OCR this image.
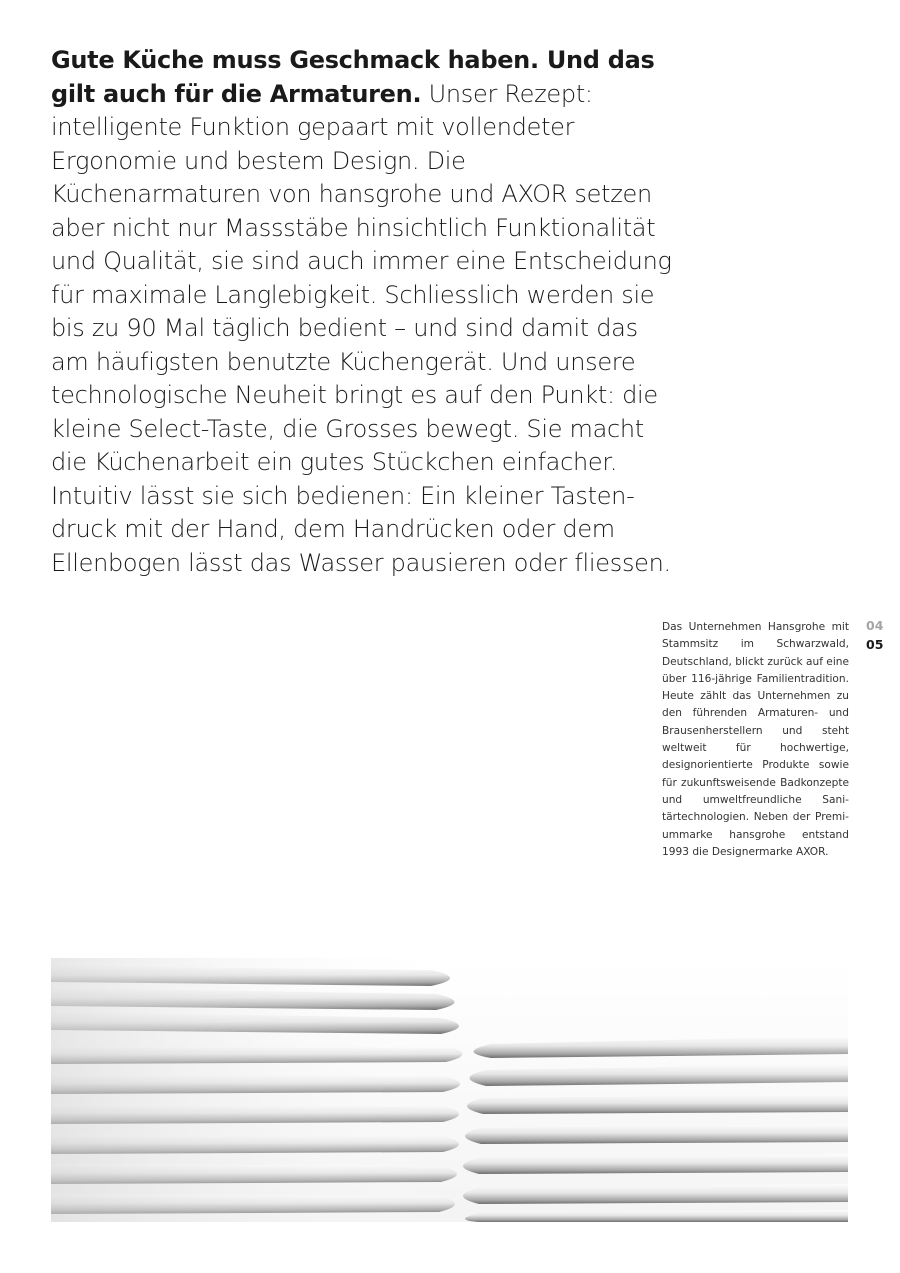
Gute Küche muss Geschmack haben. Und das gilt auch für die Armaturen. Unser Rezept: intelligente Funktion gepaart mit vollendeter Ergonomie und bestem Design. Die Küchenarmaturen von hansgrohe und AXOR setzen aber nicht nur Massstäbe hinsichtlich Funktionalität und Qualität, sie sind auch immer eine Entscheidung für maximale Langlebigkeit. Schliesslich werden sie bis zu 90 Mal täglich bedient – und sind damit das am häufigsten benutzte Küchengerät. Und unsere technologische Neuheit bringt es auf den Punkt: die kleine Select-Taste, die Grosses bewegt. Sie macht die Küchenarbeit ein gutes Stückchen einfacher. Intuitiv lässt sie sich bedienen: Ein kleiner Tastendruck mit der Hand, dem Handrücken oder dem Ellenbogen lässt das Wasser pausieren oder fliessen.

Das Unternehmen Hansgrohe mit Stammsitz im Schwarzwald, Deutschland, blickt zurück auf eine über 116-jährige Familientradition. Heute zählt das Unternehmen zu den führenden Armaturen- und Brausenherstellern und steht weltweit für hochwertige, designorientierte Produkte sowie für zukunftsweisende Badkonzepte und umweltfreundliche Sanitärtechnologien. Neben der Premiummarke hansgrohe entstand 1993 die Designermarke AXOR.

04
05
